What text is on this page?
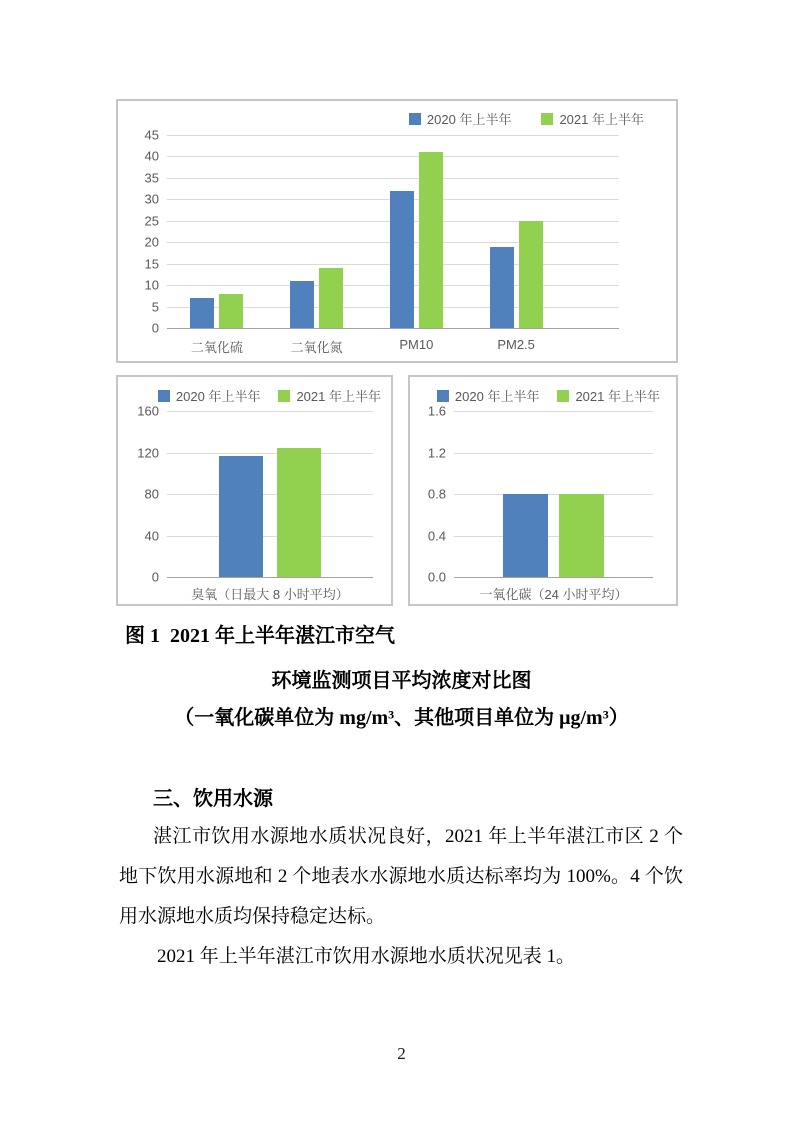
2020 年上半年	2021 年上半年
0
5
10
15
20
25
30
35
40
45
二氧化硫	二氧化氮	PM10	PM2.5
2020 年上半年	2021 年上半年
0
40
80
120
160
臭氧（日最大 8 小时平均）
2020 年上半年	2021 年上半年
0.0
0.4
0.8
1.2
1.6
一氧化碳（24 小时平均）
图 1  2021 年上半年湛江市空气
环境监测项目平均浓度对比图
（一氧化碳单位为 mg/m³、其他项目单位为 μg/m³）
三、饮用水源
湛江市饮用水源地水质状况良好，2021 年上半年湛江市区 2 个地下饮用水源地和 2 个地表水水源地水质达标率均为 100%。4 个饮用水源地水质均保持稳定达标。
2021 年上半年湛江市饮用水源地水质状况见表 1。
2
